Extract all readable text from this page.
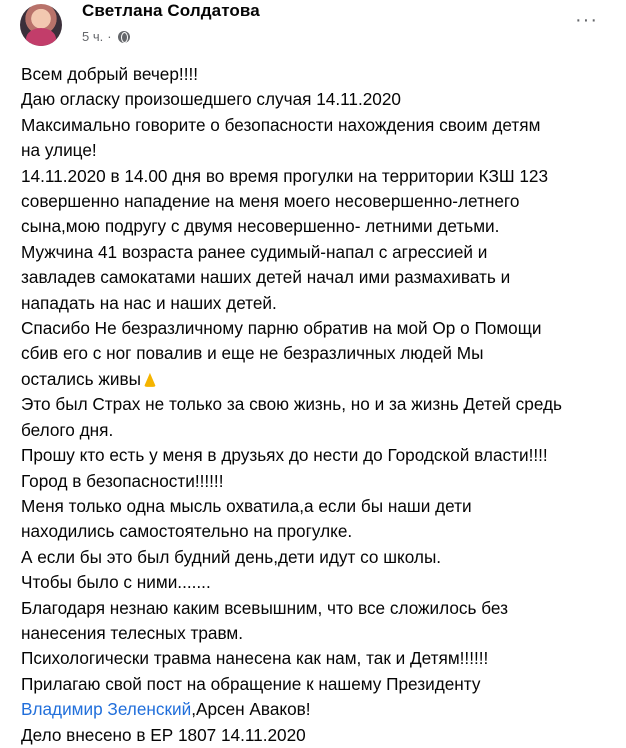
Светлана Солдатова
5 ч. ·
···
Всем добрый вечер!!!!
Даю огласку произошедшего случая 14.11.2020
Максимально говорите о безопасности нахождения своим детям
на улице!
14.11.2020 в 14.00 дня во время прогулки на территории КЗШ 123
совершенно нападение на меня моего несовершенно-летнего
сына,мою подругу с двумя несовершенно- летними детьми.
Мужчина 41 возраста ранее судимый-напал с агрессией и
завладев самокатами наших детей начал ими размахивать и
нападать на нас и наших детей.
Спасибо Не безразличному парню обратив на мой Ор о Помощи
сбив его с ног повалив и еще не безразличных людей Мы
остались живы
Это был Страх не только за свою жизнь, но и за жизнь Детей средь
белого дня.
Прошу кто есть у меня в друзьях до нести до Городской власти!!!!
Город в безопасности!!!!!!
Меня только одна мысль охватила,а если бы наши дети
находились самостоятельно на прогулке.
А если бы это был будний день,дети идут со школы.
Чтобы было с ними.......
Благодаря незнаю каким всевышним, что все сложилось без
нанесения телесных травм.
Психологически травма нанесена как нам, так и Детям!!!!!!
Прилагаю свой пост на обращение к нашему Президенту
Владимир Зеленский,Арсен Аваков!
Дело внесено в ЕР 1807 14.11.2020
